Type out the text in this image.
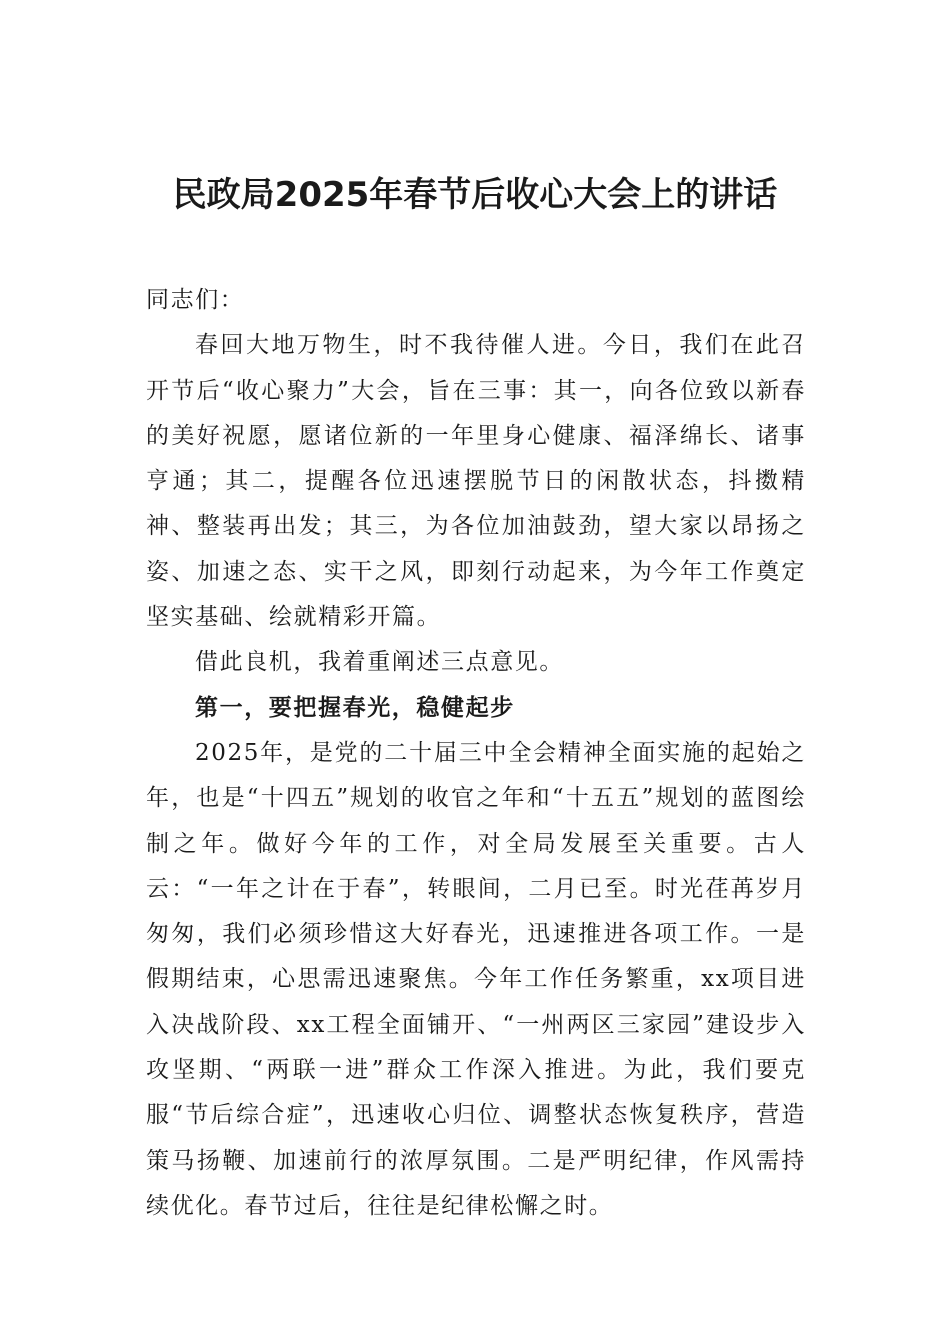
民政局2025年春节后收心大会上的讲话

同志们：

春回大地万物生，时不我待催人进。今日，我们在此召开节后“收心聚力”大会，旨在三事：其一，向各位致以新春的美好祝愿，愿诸位新的一年里身心健康、福泽绵长、诸事亨通；其二，提醒各位迅速摆脱节日的闲散状态，抖擞精神、整装再出发；其三，为各位加油鼓劲，望大家以昂扬之姿、加速之态、实干之风，即刻行动起来，为今年工作奠定坚实基础、绘就精彩开篇。

借此良机，我着重阐述三点意见。

第一，要把握春光，稳健起步

2025年，是党的二十届三中全会精神全面实施的起始之年，也是“十四五”规划的收官之年和“十五五”规划的蓝图绘制之年。做好今年的工作，对全局发展至关重要。古人云：“一年之计在于春”，转眼间，二月已至。时光荏苒岁月匆匆，我们必须珍惜这大好春光，迅速推进各项工作。一是假期结束，心思需迅速聚焦。今年工作任务繁重，xx项目进入决战阶段、xx工程全面铺开、“一州两区三家园”建设步入攻坚期、“两联一进”群众工作深入推进。为此，我们要克服“节后综合症”，迅速收心归位、调整状态恢复秩序，营造策马扬鞭、加速前行的浓厚氛围。二是严明纪律，作风需持续优化。春节过后，往往是纪律松懈之时。
